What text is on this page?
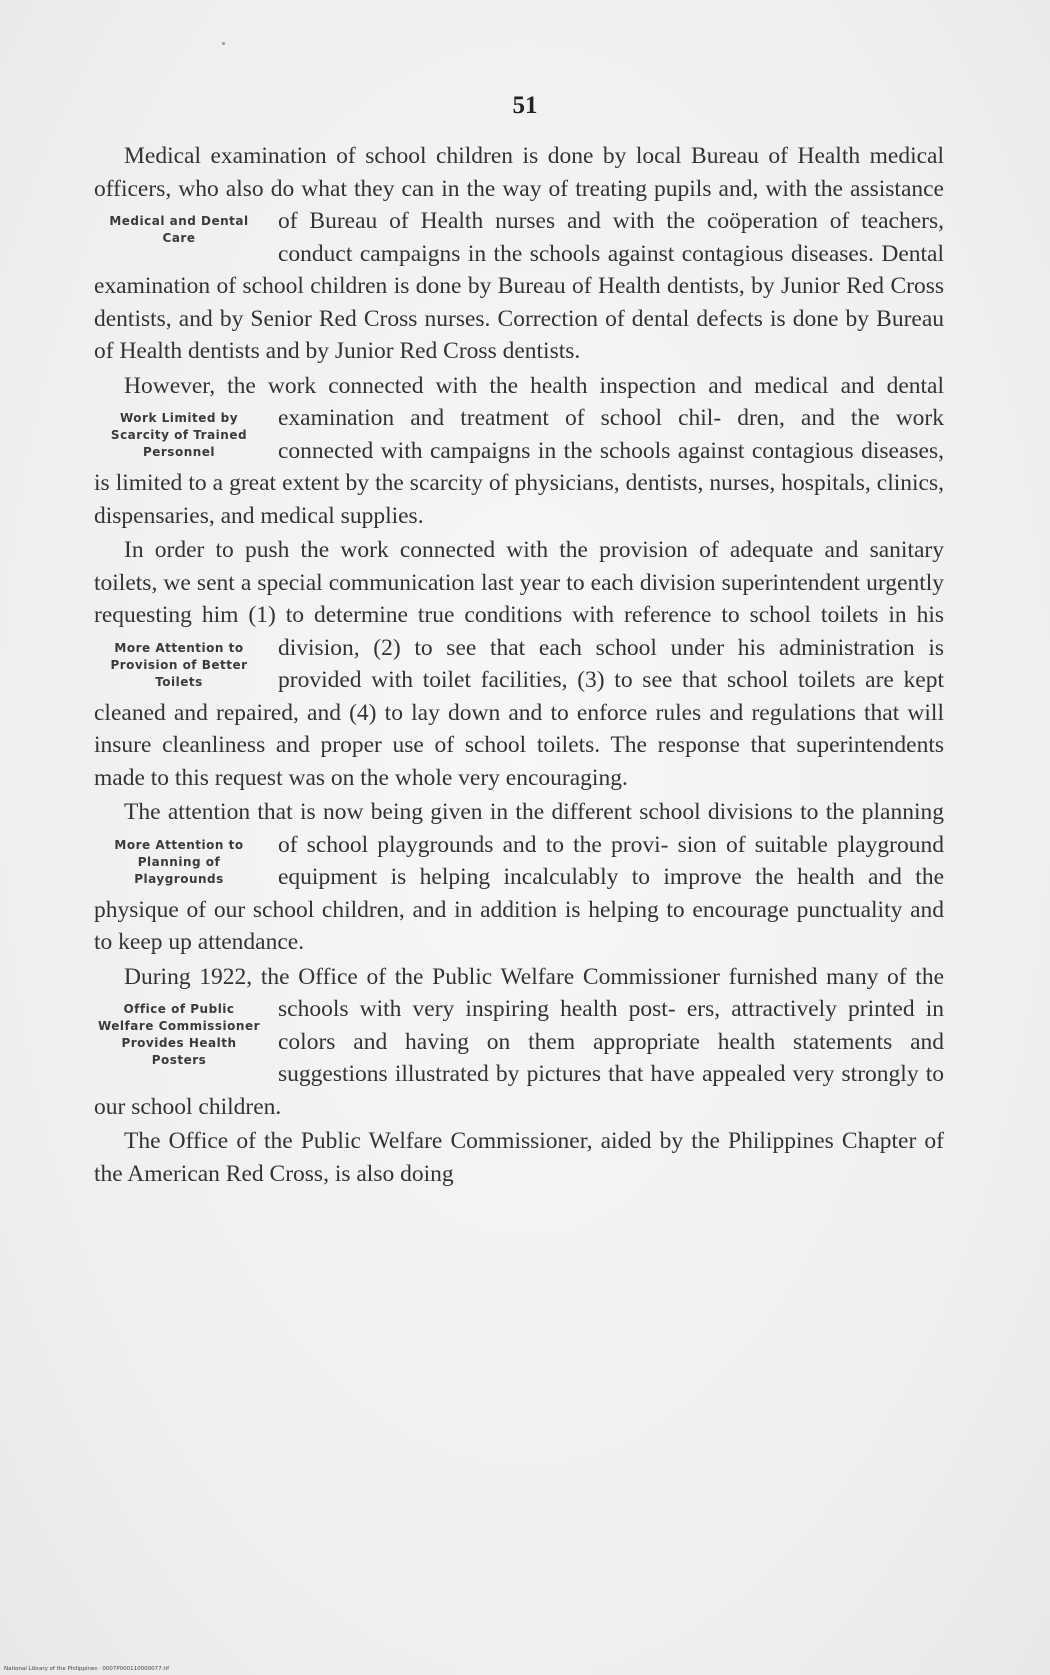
51

Medical examination of school children is done by local Bureau of Health medical officers, who also do what they can in the way of treating pupils and, with the assistance of Bureau of Health
Medical and Dental Care
nurses and with the coöperation of teachers, conduct campaigns in the schools against contagious diseases. Dental examination of school children is done by Bureau of Health dentists, by Junior Red Cross dentists, and by Senior Red Cross nurses. Correction of dental defects is done by Bureau of Health dentists and by Junior Red Cross dentists.

However, the work connected with the health inspection and medical and dental examination and treatment of school chil-
Work Limited by Scarcity of Trained Personnel
dren, and the work connected with campaigns in the schools against contagious diseases, is limited to a great extent by the scarcity of physicians, dentists, nurses, hospitals, clinics, dispensaries, and medical supplies.

In order to push the work connected with the provision of adequate and sanitary toilets, we sent a special communication last year to each division superintendent urgently requesting him (1) to determine true conditions with reference to school
More Attention to Provision of Better Toilets
toilets in his division, (2) to see that each school under his administration is provided with toilet facilities, (3) to see that school toilets are kept cleaned and repaired, and (4) to lay down and to enforce rules and regulations that will insure cleanliness and proper use of school toilets. The response that superintendents made to this request was on the whole very encouraging.

The attention that is now being given in the different school divisions to the planning of school playgrounds and to the provi-
More Attention to Planning of Playgrounds
sion of suitable playground equipment is helping incalculably to improve the health and the physique of our school children, and in addition is helping to encourage punctuality and to keep up attendance.

During 1922, the Office of the Public Welfare Commissioner furnished many of the schools with very inspiring health post-
Office of Public Welfare Commissioner Provides Health Posters
ers, attractively printed in colors and having on them appropriate health statements and suggestions illustrated by pictures that have appealed very strongly to our school children.

The Office of the Public Welfare Commissioner, aided by the Philippines Chapter of the American Red Cross, is also doing

National Library of the Philippines · 0007P000110000077.tif
